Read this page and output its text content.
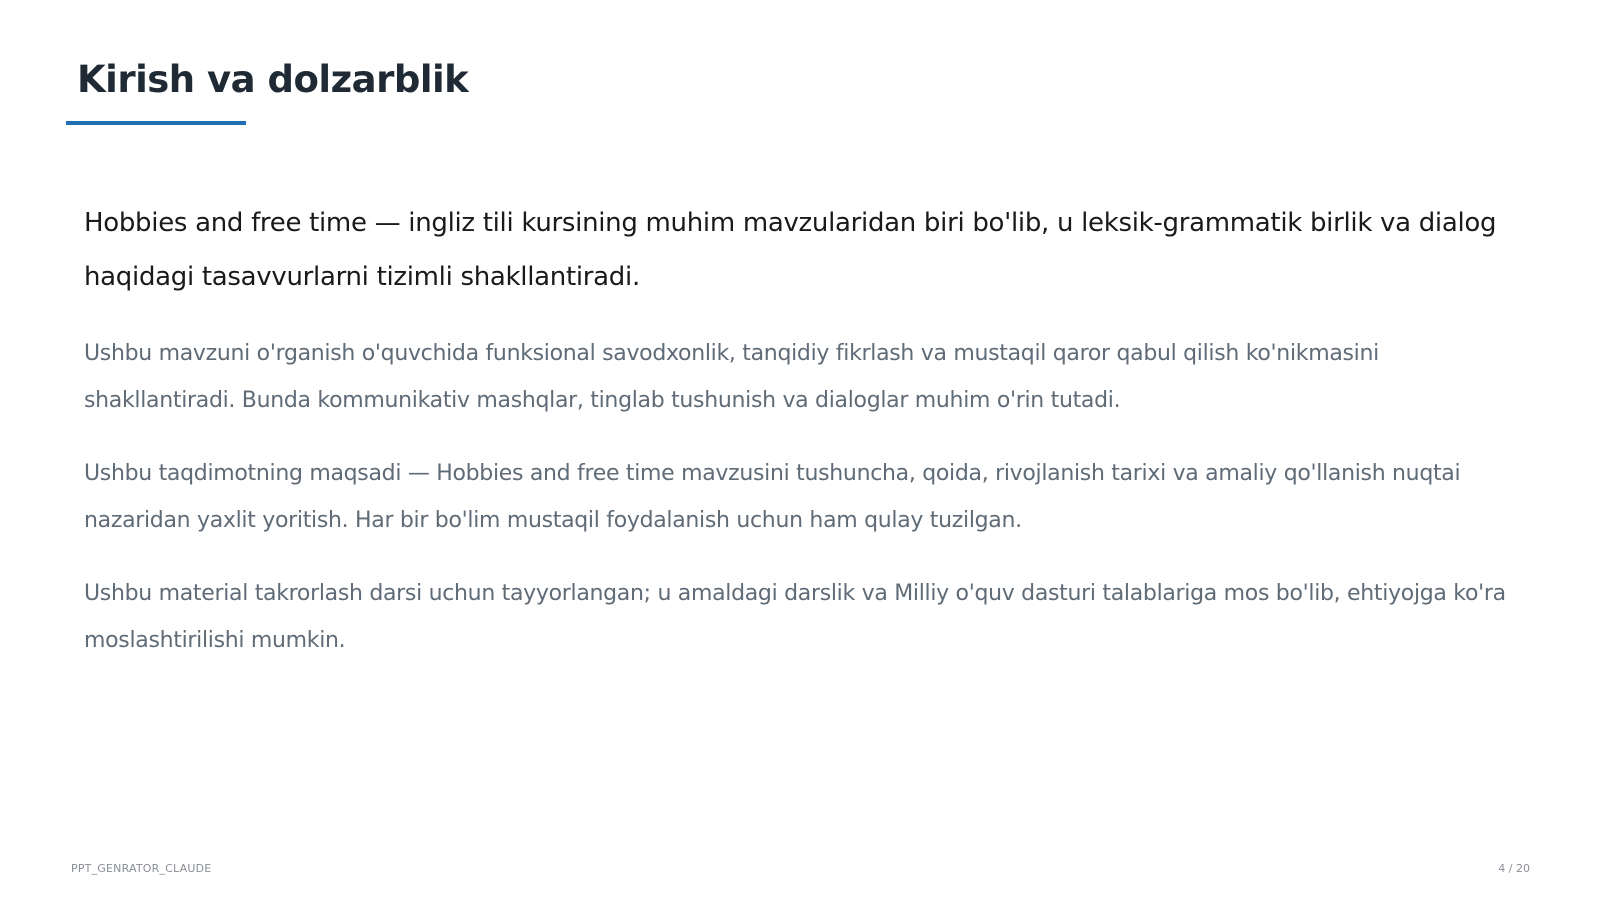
Kirish va dolzarblik

Hobbies and free time — ingliz tili kursining muhim mavzularidan biri bo'lib, u leksik-grammatik birlik va dialog haqidagi tasavvurlarni tizimli shakllantiradi.

Ushbu mavzuni o'rganish o'quvchida funksional savodxonlik, tanqidiy fikrlash va mustaqil qaror qabul qilish ko'nikmasini shakllantiradi. Bunda kommunikativ mashqlar, tinglab tushunish va dialoglar muhim o'rin tutadi.

Ushbu taqdimotning maqsadi — Hobbies and free time mavzusini tushuncha, qoida, rivojlanish tarixi va amaliy qo'llanish nuqtai nazaridan yaxlit yoritish. Har bir bo'lim mustaqil foydalanish uchun ham qulay tuzilgan.

Ushbu material takrorlash darsi uchun tayyorlangan; u amaldagi darslik va Milliy o'quv dasturi talablariga mos bo'lib, ehtiyojga ko'ra moslashtirilishi mumkin.

PPT_GENRATOR_CLAUDE	4 / 20
